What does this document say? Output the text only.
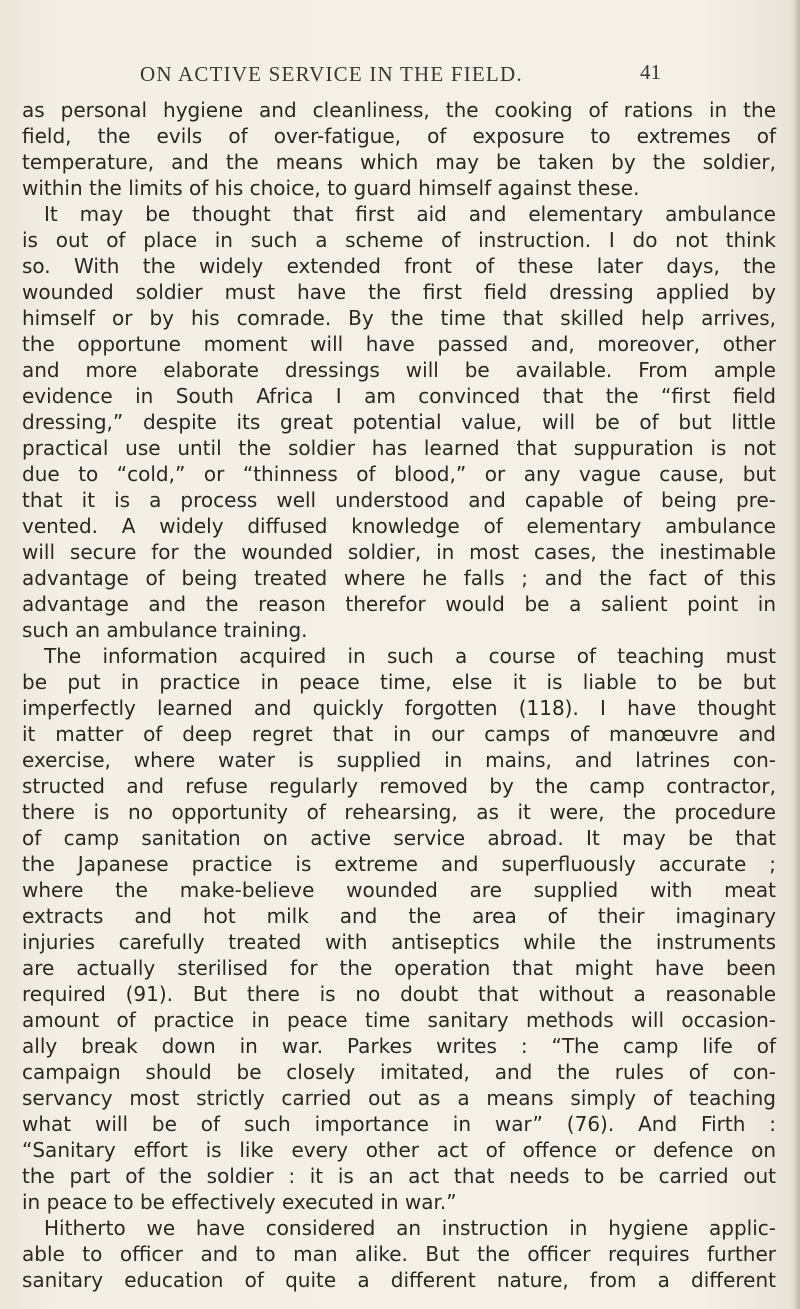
ON ACTIVE SERVICE IN THE FIELD.	41
as personal hygiene and cleanliness, the cooking of rations in the
field, the evils of over-fatigue, of exposure to extremes of
temperature, and the means which may be taken by the soldier,
within the limits of his choice, to guard himself against these.
It may be thought that first aid and elementary ambulance
is out of place in such a scheme of instruction. I do not think
so. With the widely extended front of these later days, the
wounded soldier must have the first field dressing applied by
himself or by his comrade. By the time that skilled help arrives,
the opportune moment will have passed and, moreover, other
and more elaborate dressings will be available. From ample
evidence in South Africa I am convinced that the “first field
dressing,” despite its great potential value, will be of but little
practical use until the soldier has learned that suppuration is not
due to “cold,” or “thinness of blood,” or any vague cause, but
that it is a process well understood and capable of being pre-
vented. A widely diffused knowledge of elementary ambulance
will secure for the wounded soldier, in most cases, the inestimable
advantage of being treated where he falls ; and the fact of this
advantage and the reason therefor would be a salient point in
such an ambulance training.
The information acquired in such a course of teaching must
be put in practice in peace time, else it is liable to be but
imperfectly learned and quickly forgotten (118). I have thought
it matter of deep regret that in our camps of manœuvre and
exercise, where water is supplied in mains, and latrines con-
structed and refuse regularly removed by the camp contractor,
there is no opportunity of rehearsing, as it were, the procedure
of camp sanitation on active service abroad. It may be that
the Japanese practice is extreme and superfluously accurate ;
where the make-believe wounded are supplied with meat
extracts and hot milk and the area of their imaginary
injuries carefully treated with antiseptics while the instruments
are actually sterilised for the operation that might have been
required (91). But there is no doubt that without a reasonable
amount of practice in peace time sanitary methods will occasion-
ally break down in war. Parkes writes : “The camp life of
campaign should be closely imitated, and the rules of con-
servancy most strictly carried out as a means simply of teaching
what will be of such importance in war” (76). And Firth :
“Sanitary effort is like every other act of offence or defence on
the part of the soldier : it is an act that needs to be carried out
in peace to be effectively executed in war.”
Hitherto we have considered an instruction in hygiene applic-
able to officer and to man alike. But the officer requires further
sanitary education of quite a different nature, from a different
